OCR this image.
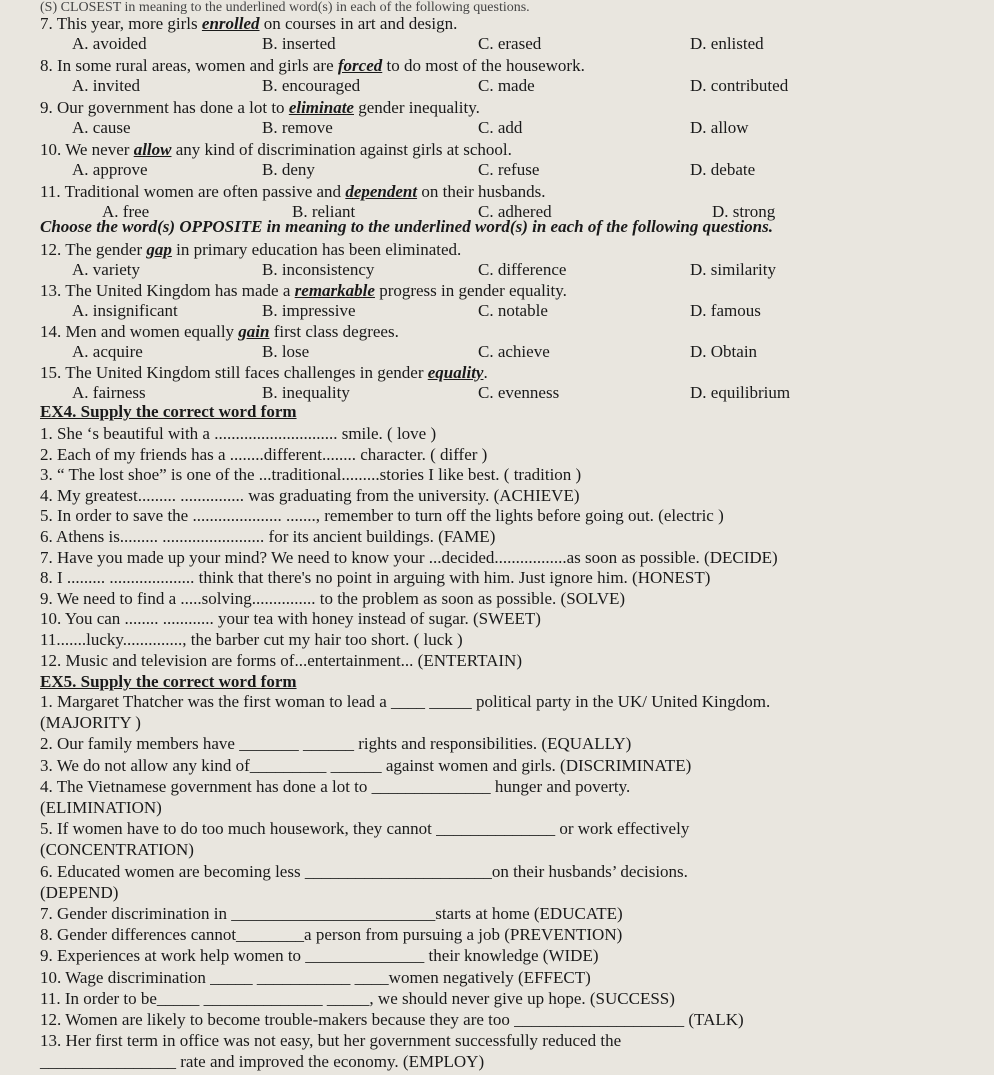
(S) CLOSEST in meaning to the underlined word(s) in each of the following questions.
7. This year, more girls enrolled on courses in art and design.
A. avoided	B. inserted	C. erased	D. enlisted
8. In some rural areas, women and girls are forced to do most of the housework.
A. invited	B. encouraged	C. made	D. contributed
9. Our government has done a lot to eliminate gender inequality.
A. cause	B. remove	C. add	D. allow
10. We never allow any kind of discrimination against girls at school.
A. approve	B. deny	C. refuse	D. debate
11. Traditional women are often passive and dependent on their husbands.
A. free	B. reliant	C. adhered	D. strong
Choose the word(s) OPPOSITE in meaning to the underlined word(s) in each of the following questions.
12. The gender gap in primary education has been eliminated.
A. variety	B. inconsistency	C. difference	D. similarity
13. The United Kingdom has made a remarkable progress in gender equality.
A. insignificant	B. impressive	C. notable	D. famous
14. Men and women equally gain first class degrees.
A. acquire	B. lose	C. achieve	D. Obtain
15. The United Kingdom still faces challenges in gender equality.
A. fairness	B. inequality	C. evenness	D. equilibrium
EX4. Supply the correct word form
1. She ‘s beautiful with a ............................. smile. ( love )
2. Each of my friends has a ........different........ character. ( differ )
3. “ The lost shoe” is one of the ...traditional.........stories I like best. ( tradition )
4. My greatest......... ............... was graduating from the university. (ACHIEVE)
5. In order to save the ..................... ......., remember to turn off the lights before going out. (electric )
6. Athens is......... ........................ for its ancient buildings. (FAME)
7. Have you made up your mind? We need to know your ...decided.................as soon as possible. (DECIDE)
8. I ......... .................... think that there's no point in arguing with him. Just ignore him. (HONEST)
9. We need to find a .....solving............... to the problem as soon as possible. (SOLVE)
10. You can ........ ............ your tea with honey instead of sugar. (SWEET)
11.......lucky.............., the barber cut my hair too short. ( luck )
12. Music and television are forms of...entertainment... (ENTERTAIN)
EX5. Supply the correct word form
1. Margaret Thatcher was the first woman to lead a ____ _____ political party in the UK/ United Kingdom.
(MAJORITY )
2. Our family members have _______ ______ rights and responsibilities. (EQUALLY)
3. We do not allow any kind of_________ ______ against women and girls. (DISCRIMINATE)
4. The Vietnamese government has done a lot to ______________ hunger and poverty.
(ELIMINATION)
5. If women have to do too much housework, they cannot ______________ or work effectively
(CONCENTRATION)
6. Educated women are becoming less ______________________on their husbands’ decisions.
(DEPEND)
7. Gender discrimination in ________________________starts at home (EDUCATE)
8. Gender differences cannot________a person from pursuing a job (PREVENTION)
9. Experiences at work help women to ______________ their knowledge (WIDE)
10. Wage discrimination _____ ___________ ____women negatively (EFFECT)
11. In order to be_____ ______________ _____, we should never give up hope. (SUCCESS)
12. Women are likely to become trouble-makers because they are too ____________________ (TALK)
13. Her first term in office was not easy, but her government successfully reduced the
________________ rate and improved the economy. (EMPLOY)
